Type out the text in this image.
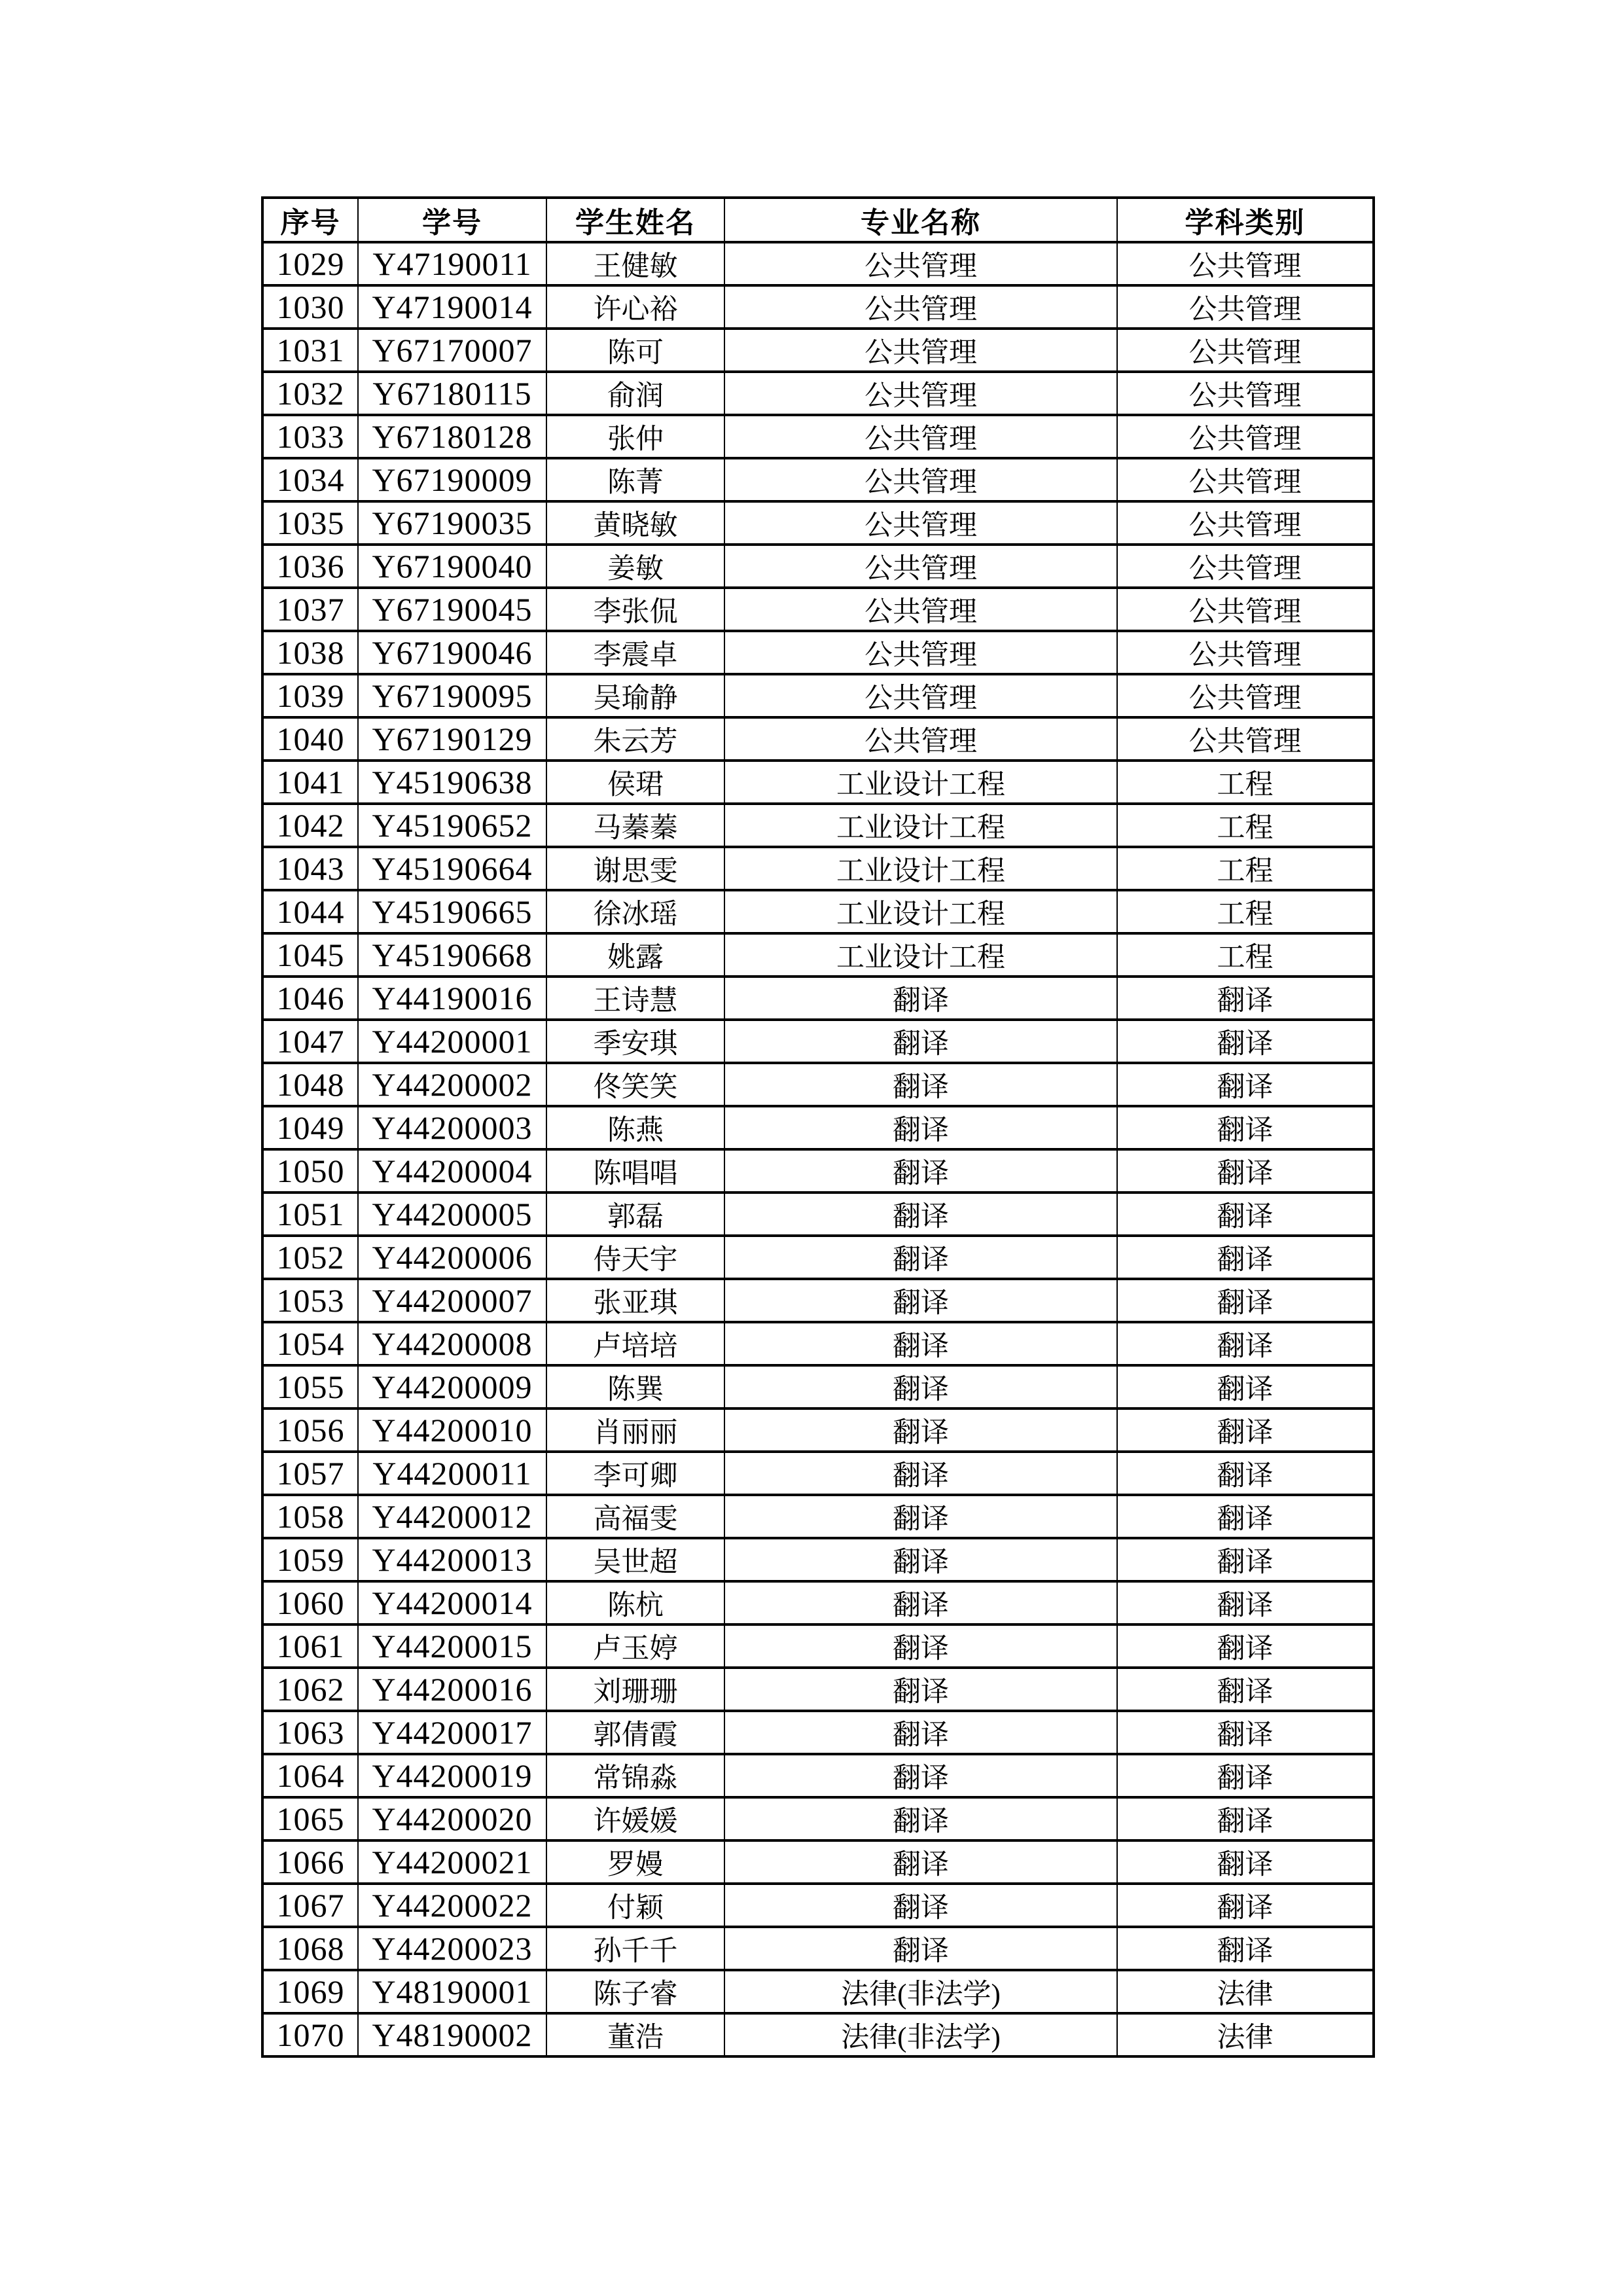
序号	学号	学生姓名	专业名称	学科类别
1029	Y47190011	王健敏	公共管理	公共管理
1030	Y47190014	许心裕	公共管理	公共管理
1031	Y67170007	陈可	公共管理	公共管理
1032	Y67180115	俞润	公共管理	公共管理
1033	Y67180128	张仲	公共管理	公共管理
1034	Y67190009	陈菁	公共管理	公共管理
1035	Y67190035	黄晓敏	公共管理	公共管理
1036	Y67190040	姜敏	公共管理	公共管理
1037	Y67190045	李张侃	公共管理	公共管理
1038	Y67190046	李震卓	公共管理	公共管理
1039	Y67190095	吴瑜静	公共管理	公共管理
1040	Y67190129	朱云芳	公共管理	公共管理
1041	Y45190638	侯珺	工业设计工程	工程
1042	Y45190652	马蓁蓁	工业设计工程	工程
1043	Y45190664	谢思雯	工业设计工程	工程
1044	Y45190665	徐冰瑶	工业设计工程	工程
1045	Y45190668	姚露	工业设计工程	工程
1046	Y44190016	王诗慧	翻译	翻译
1047	Y44200001	季安琪	翻译	翻译
1048	Y44200002	佟笑笑	翻译	翻译
1049	Y44200003	陈燕	翻译	翻译
1050	Y44200004	陈唱唱	翻译	翻译
1051	Y44200005	郭磊	翻译	翻译
1052	Y44200006	侍天宇	翻译	翻译
1053	Y44200007	张亚琪	翻译	翻译
1054	Y44200008	卢培培	翻译	翻译
1055	Y44200009	陈巽	翻译	翻译
1056	Y44200010	肖丽丽	翻译	翻译
1057	Y44200011	李可卿	翻译	翻译
1058	Y44200012	高福雯	翻译	翻译
1059	Y44200013	吴世超	翻译	翻译
1060	Y44200014	陈杭	翻译	翻译
1061	Y44200015	卢玉婷	翻译	翻译
1062	Y44200016	刘珊珊	翻译	翻译
1063	Y44200017	郭倩霞	翻译	翻译
1064	Y44200019	常锦淼	翻译	翻译
1065	Y44200020	许媛媛	翻译	翻译
1066	Y44200021	罗嫚	翻译	翻译
1067	Y44200022	付颖	翻译	翻译
1068	Y44200023	孙千千	翻译	翻译
1069	Y48190001	陈子睿	法律(非法学)	法律
1070	Y48190002	董浩	法律(非法学)	法律
